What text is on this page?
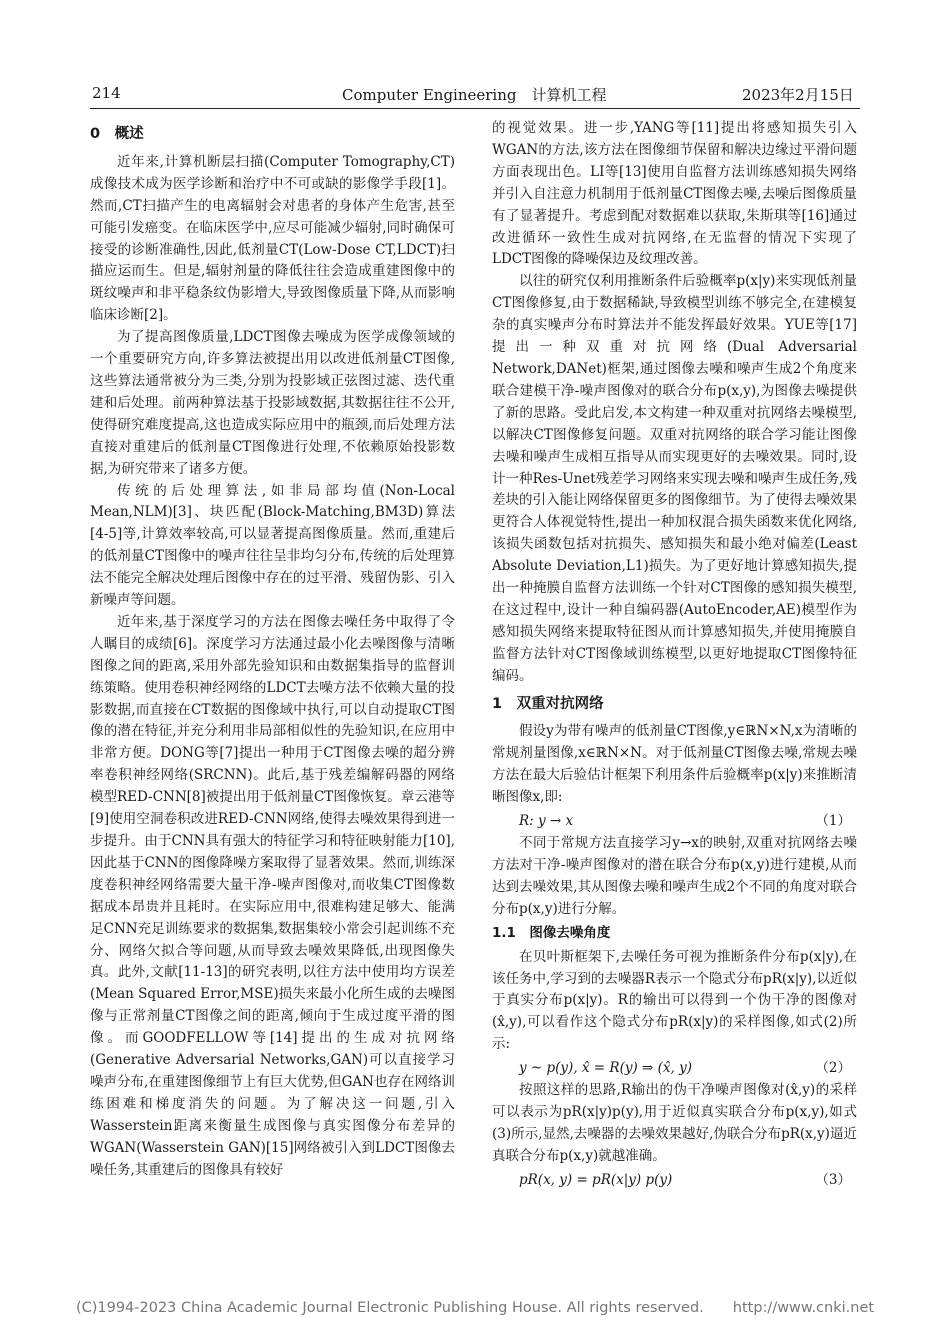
214	Computer Engineering　计算机工程	2023年2月15日
0　概述

近年来,计算机断层扫描(Computer Tomography,CT)成像技术成为医学诊断和治疗中不可或缺的影像学手段[1]。然而,CT扫描产生的电离辐射会对患者的身体产生危害,甚至可能引发癌变。在临床医学中,应尽可能减少辐射,同时确保可接受的诊断准确性,因此,低剂量CT(Low-Dose CT,LDCT)扫描应运而生。但是,辐射剂量的降低往往会造成重建图像中的斑纹噪声和非平稳条纹伪影增大,导致图像质量下降,从而影响临床诊断[2]。

为了提高图像质量,LDCT图像去噪成为医学成像领域的一个重要研究方向,许多算法被提出用以改进低剂量CT图像,这些算法通常被分为三类,分别为投影域正弦图过滤、迭代重建和后处理。前两种算法基于投影域数据,其数据往往不公开,使得研究难度提高,这也造成实际应用中的瓶颈,而后处理方法直接对重建后的低剂量CT图像进行处理,不依赖原始投影数据,为研究带来了诸多方便。

传统的后处理算法,如非局部均值(Non-Local Mean,NLM)[3]、块匹配(Block-Matching,BM3D)算法[4-5]等,计算效率较高,可以显著提高图像质量。然而,重建后的低剂量CT图像中的噪声往往呈非均匀分布,传统的后处理算法不能完全解决处理后图像中存在的过平滑、残留伪影、引入新噪声等问题。

近年来,基于深度学习的方法在图像去噪任务中取得了令人瞩目的成绩[6]。深度学习方法通过最小化去噪图像与清晰图像之间的距离,采用外部先验知识和由数据集指导的监督训练策略。使用卷积神经网络的LDCT去噪方法不依赖大量的投影数据,而直接在CT数据的图像域中执行,可以自动提取CT图像的潜在特征,并充分利用非局部相似性的先验知识,在应用中非常方便。DONG等[7]提出一种用于CT图像去噪的超分辨率卷积神经网络(SRCNN)。此后,基于残差编解码器的网络模型RED-CNN[8]被提出用于低剂量CT图像恢复。章云港等[9]使用空洞卷积改进RED-CNN网络,使得去噪效果得到进一步提升。由于CNN具有强大的特征学习和特征映射能力[10],因此基于CNN的图像降噪方案取得了显著效果。然而,训练深度卷积神经网络需要大量干净-噪声图像对,而收集CT图像数据成本昂贵并且耗时。在实际应用中,很难构建足够大、能满足CNN充足训练要求的数据集,数据集较小常会引起训练不充分、网络欠拟合等问题,从而导致去噪效果降低,出现图像失真。此外,文献[11-13]的研究表明,以往方法中使用均方误差(Mean Squared Error,MSE)损失来最小化所生成的去噪图像与正常剂量CT图像之间的距离,倾向于生成过度平滑的图像。而GOODFELLOW等[14]提出的生成对抗网络(Generative Adversarial Networks,GAN)可以直接学习噪声分布,在重建图像细节上有巨大优势,但GAN也存在网络训练困难和梯度消失的问题。为了解决这一问题,引入Wasserstein距离来衡量生成图像与真实图像分布差异的WGAN(Wasserstein GAN)[15]网络被引入到LDCT图像去噪任务,其重建后的图像具有较好

的视觉效果。进一步,YANG等[11]提出将感知损失引入WGAN的方法,该方法在图像细节保留和解决边缘过平滑问题方面表现出色。LI等[13]使用自监督方法训练感知损失网络并引入自注意力机制用于低剂量CT图像去噪,去噪后图像质量有了显著提升。考虑到配对数据难以获取,朱斯琪等[16]通过改进循环一致性生成对抗网络,在无监督的情况下实现了LDCT图像的降噪保边及纹理改善。

以往的研究仅利用推断条件后验概率p(x|y)来实现低剂量CT图像修复,由于数据稀缺,导致模型训练不够完全,在建模复杂的真实噪声分布时算法并不能发挥最好效果。YUE等[17]提出一种双重对抗网络(Dual Adversarial Network,DANet)框架,通过图像去噪和噪声生成2个角度来联合建模干净-噪声图像对的联合分布p(x,y),为图像去噪提供了新的思路。受此启发,本文构建一种双重对抗网络去噪模型,以解决CT图像修复问题。双重对抗网络的联合学习能让图像去噪和噪声生成相互指导从而实现更好的去噪效果。同时,设计一种Res-Unet残差学习网络来实现去噪和噪声生成任务,残差块的引入能让网络保留更多的图像细节。为了使得去噪效果更符合人体视觉特性,提出一种加权混合损失函数来优化网络,该损失函数包括对抗损失、感知损失和最小绝对偏差(Least Absolute Deviation,L1)损失。为了更好地计算感知损失,提出一种掩膜自监督方法训练一个针对CT图像的感知损失模型,在这过程中,设计一种自编码器(AutoEncoder,AE)模型作为感知损失网络来提取特征图从而计算感知损失,并使用掩膜自监督方法针对CT图像域训练模型,以更好地提取CT图像特征编码。

1　双重对抗网络

假设y为带有噪声的低剂量CT图像,y∈ℝN×N,x为清晰的常规剂量图像,x∈ℝN×N。对于低剂量CT图像去噪,常规去噪方法在最大后验估计框架下利用条件后验概率p(x|y)来推断清晰图像x,即:

R: y → x	（1）

不同于常规方法直接学习y→x的映射,双重对抗网络去噪方法对干净-噪声图像对的潜在联合分布p(x,y)进行建模,从而达到去噪效果,其从图像去噪和噪声生成2个不同的角度对联合分布p(x,y)进行分解。

1.1　图像去噪角度

在贝叶斯框架下,去噪任务可视为推断条件分布p(x|y),在该任务中,学习到的去噪器R表示一个隐式分布pR(x|y),以近似于真实分布p(x|y)。R的输出可以得到一个伪干净的图像对(x̂,y),可以看作这个隐式分布pR(x|y)的采样图像,如式(2)所示:

y ~ p(y), x̂ = R(y) ⇒ (x̂, y)	（2）

按照这样的思路,R输出的伪干净噪声图像对(x̂,y)的采样可以表示为pR(x|y)p(y),用于近似真实联合分布p(x,y),如式(3)所示,显然,去噪器的去噪效果越好,伪联合分布pR(x,y)逼近真联合分布p(x,y)就越准确。

pR(x, y) = pR(x|y) p(y)	（3）
(C)1994-2023 China Academic Journal Electronic Publishing House. All rights reserved.　　http://www.cnki.net
